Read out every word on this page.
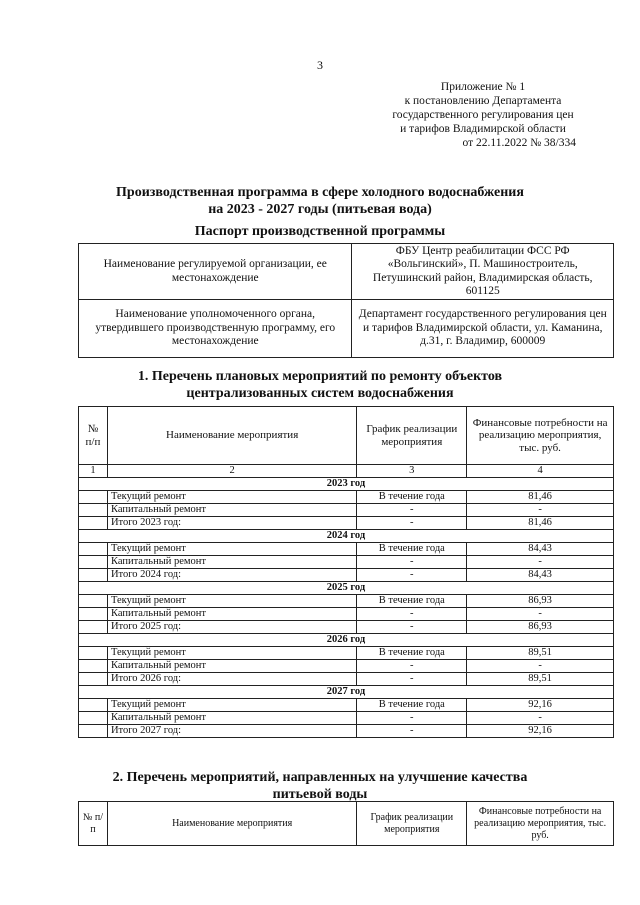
3
Приложение № 1
к постановлению Департамента
государственного регулирования цен
и тарифов Владимирской области
от 22.11.2022 № 38/334
Производственная программа в сфере холодного водоснабжения
на 2023 - 2027 годы (питьевая вода)
Паспорт производственной программы
Наименование регулируемой организации, ее местонахождение	ФБУ Центр реабилитации ФСС РФ «Вольгинский», П. Машиностроитель, Петушинский район, Владимирская область, 601125
Наименование уполномоченного органа, утвердившего производственную программу, его местонахождение	Департамент государственного регулирования цен и тарифов Владимирской области, ул. Каманина, д.31, г. Владимир, 600009
1. Перечень плановых мероприятий по ремонту объектов
централизованных систем водоснабжения
№ п/п	Наименование мероприятия	График реализации мероприятия	Финансовые потребности на реализацию мероприятия, тыс. руб.
1	2	3	4
2023 год			
	Текущий ремонт	В течение года	81,46
	Капитальный ремонт	-	-
	Итого 2023 год:	-	81,46
2024 год			
	Текущий ремонт	В течение года	84,43
	Капитальный ремонт	-	-
	Итого 2024 год:	-	84,43
2025 год			
	Текущий ремонт	В течение года	86,93
	Капитальный ремонт	-	-
	Итого 2025 год:	-	86,93
2026 год			
	Текущий ремонт	В течение года	89,51
	Капитальный ремонт	-	-
	Итого 2026 год:	-	89,51
2027 год			
	Текущий ремонт	В течение года	92,16
	Капитальный ремонт	-	-
	Итого 2027 год:	-	92,16
2. Перечень мероприятий, направленных на улучшение качества
питьевой воды
№ п/п	Наименование мероприятия	График реализации мероприятия	Финансовые потребности на реализацию мероприятия, тыс. руб.
